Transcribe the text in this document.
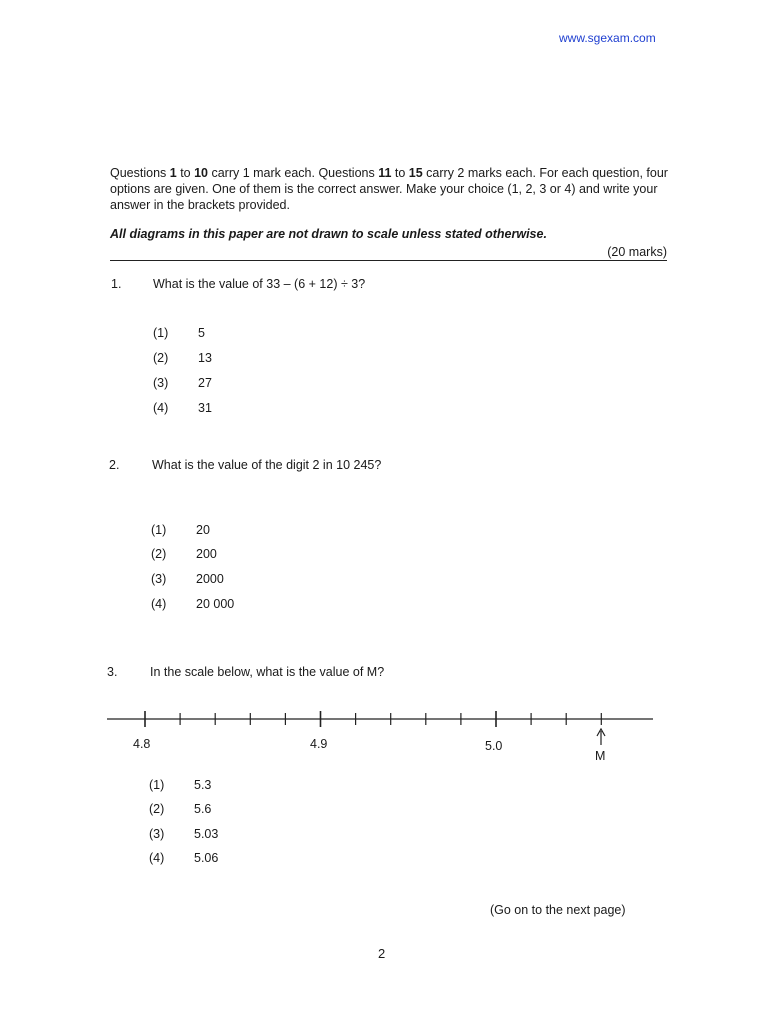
www.sgexam.com
Questions 1 to 10 carry 1 mark each. Questions 11 to 15 carry 2 marks each. For each question, four options are given. One of them is the correct answer. Make your choice (1, 2, 3 or 4) and write your answer in the brackets provided.
All diagrams in this paper are not drawn to scale unless stated otherwise.
(20 marks)
1.	What is the value of 33 – (6 + 12) ÷ 3?
(1) 5
(2) 13
(3) 27
(4) 31
2.	What is the value of the digit 2 in 10 245?
(1) 20
(2) 200
(3) 2000
(4) 20 000
3.	In the scale below, what is the value of M?
4.8	4.9	5.0
M
(1) 5.3
(2) 5.6
(3) 5.03
(4) 5.06
(Go on to the next page)
2
